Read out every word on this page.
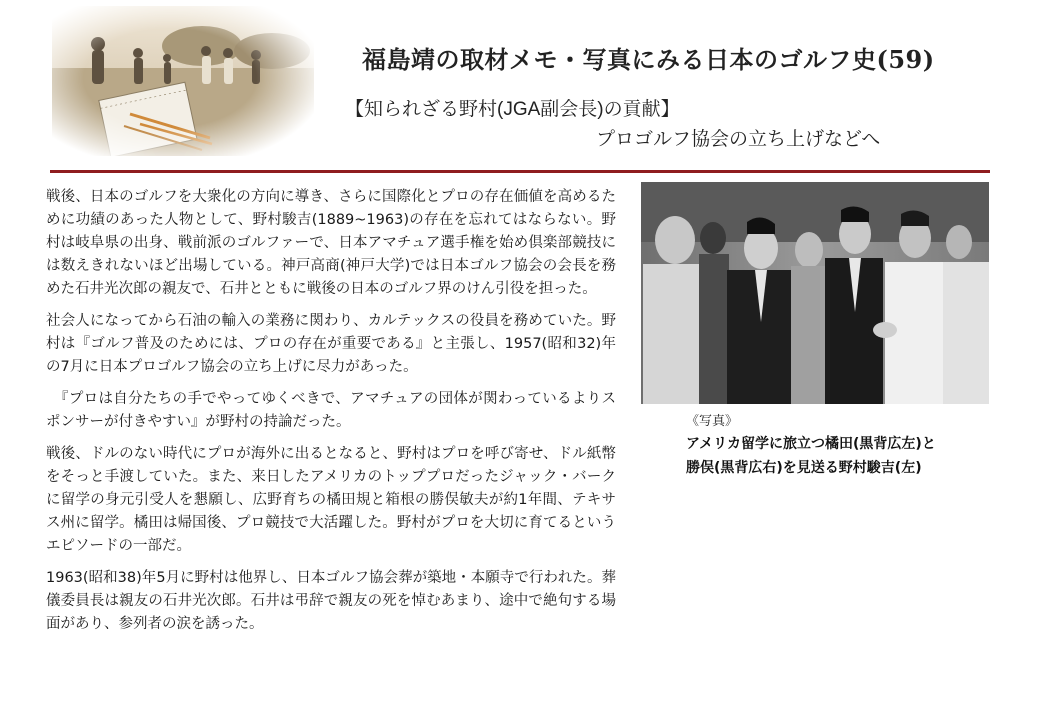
福島靖の取材メモ・写真にみる日本のゴルフ史(59)
【知られざる野村(JGA副会長)の貢献】
プロゴルフ協会の立ち上げなどへ

戦後、日本のゴルフを大衆化の方向に導き、さらに国際化とプロの存在価値を高めるために功績のあった人物として、野村駿吉(1889~1963)の存在を忘れてはならない。野村は岐阜県の出身、戦前派のゴルファーで、日本アマチュア選手権を始め倶楽部競技には数えきれないほど出場している。神戸高商(神戸大学)では日本ゴルフ協会の会長を務めた石井光次郎の親友で、石井とともに戦後の日本のゴルフ界のけん引役を担った。

社会人になってから石油の輸入の業務に関わり、カルテックスの役員を務めていた。野村は『ゴルフ普及のためには、プロの存在が重要である』と主張し、1957(昭和32)年の7月に日本プロゴルフ協会の立ち上げに尽力があった。

『プロは自分たちの手でやってゆくべきで、アマチュアの団体が関わっているよりスポンサーが付きやすい』が野村の持論だった。

戦後、ドルのない時代にプロが海外に出るとなると、野村はプロを呼び寄せ、ドル紙幣をそっと手渡していた。また、来日したアメリカのトッププロだったジャック・バークに留学の身元引受人を懇願し、広野育ちの橘田規と箱根の勝俣敏夫が約1年間、テキサス州に留学。橘田は帰国後、プロ競技で大活躍した。野村がプロを大切に育てるというエピソードの一部だ。

1963(昭和38)年5月に野村は他界し、日本ゴルフ協会葬が築地・本願寺で行われた。葬儀委員長は親友の石井光次郎。石井は弔辞で親友の死を悼むあまり、途中で絶句する場面があり、参列者の涙を誘った。

《写真》
アメリカ留学に旅立つ橘田(黒背広左)と
勝俣(黒背広右)を見送る野村駿吉(左)
